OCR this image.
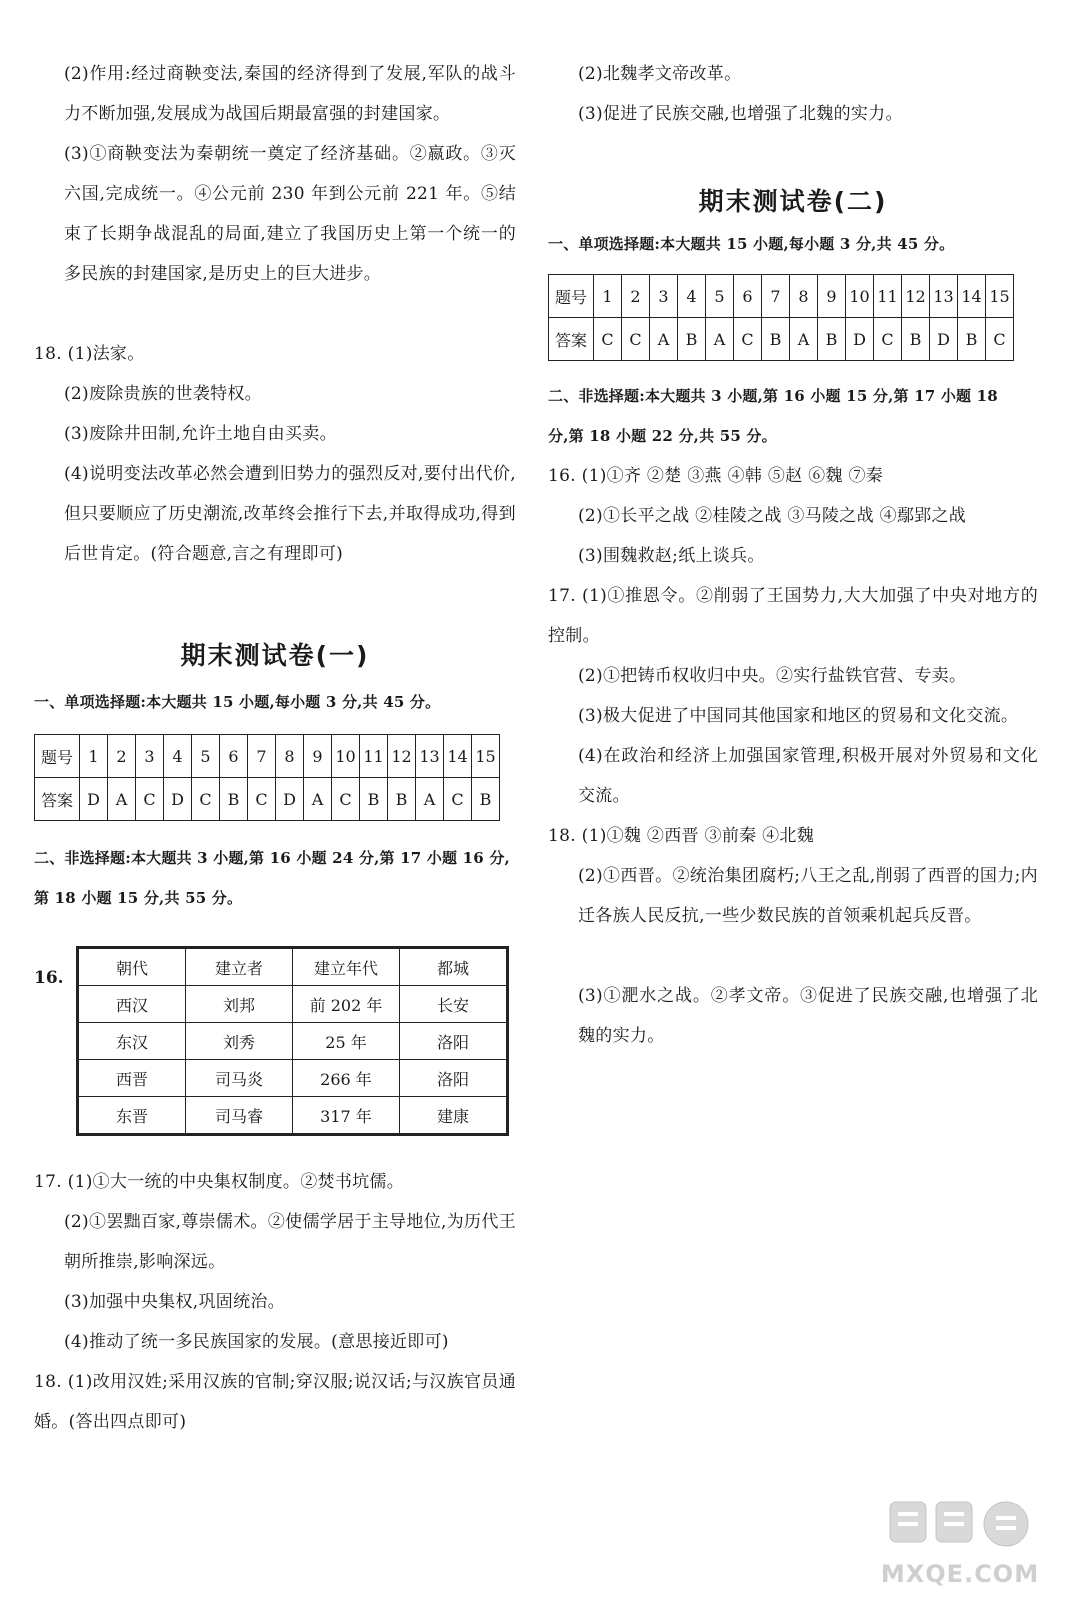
(2)作用:经过商鞅变法,秦国的经济得到了发展,军队的战斗力不断加强,发展成为战国后期最富强的封建国家。
(3)①商鞅变法为秦朝统一奠定了经济基础。②嬴政。③灭六国,完成统一。④公元前 230 年到公元前 221 年。⑤结束了长期争战混乱的局面,建立了我国历史上第一个统一的多民族的封建国家,是历史上的巨大进步。
18. (1)法家。
(2)废除贵族的世袭特权。
(3)废除井田制,允许土地自由买卖。
(4)说明变法改革必然会遭到旧势力的强烈反对,要付出代价,但只要顺应了历史潮流,改革终会推行下去,并取得成功,得到后世肯定。(符合题意,言之有理即可)
期末测试卷(一)
一、单项选择题:本大题共 15 小题,每小题 3 分,共 45 分。
题号	1	2	3	4	5	6	7	8	9	10	11	12	13	14	15
答案	D	A	C	D	C	B	C	D	A	C	B	B	A	C	B
二、非选择题:本大题共 3 小题,第 16 小题 24 分,第 17 小题 16 分,第 18 小题 15 分,共 55 分。
16.	朝代	建立者	建立年代	都城
西汉	刘邦	前 202 年	长安
东汉	刘秀	25 年	洛阳
西晋	司马炎	266 年	洛阳
东晋	司马睿	317 年	建康
17. (1)①大一统的中央集权制度。②焚书坑儒。
(2)①罢黜百家,尊崇儒术。②使儒学居于主导地位,为历代王朝所推崇,影响深远。
(3)加强中央集权,巩固统治。
(4)推动了统一多民族国家的发展。(意思接近即可)
18. (1)改用汉姓;采用汉族的官制;穿汉服;说汉话;与汉族官员通婚。(答出四点即可)
(2)北魏孝文帝改革。
(3)促进了民族交融,也增强了北魏的实力。
期末测试卷(二)
一、单项选择题:本大题共 15 小题,每小题 3 分,共 45 分。
题号	1	2	3	4	5	6	7	8	9	10	11	12	13	14	15
答案	C	C	A	B	A	C	B	A	B	D	C	B	D	B	C
二、非选择题:本大题共 3 小题,第 16 小题 15 分,第 17 小题 18 分,第 18 小题 22 分,共 55 分。
16. (1)①齐 ②楚 ③燕 ④韩 ⑤赵 ⑥魏 ⑦秦
(2)①长平之战 ②桂陵之战 ③马陵之战 ④鄢郢之战
(3)围魏救赵;纸上谈兵。
17. (1)①推恩令。②削弱了王国势力,大大加强了中央对地方的控制。
(2)①把铸币权收归中央。②实行盐铁官营、专卖。
(3)极大促进了中国同其他国家和地区的贸易和文化交流。
(4)在政治和经济上加强国家管理,积极开展对外贸易和文化交流。
18. (1)①魏 ②西晋 ③前秦 ④北魏
(2)①西晋。②统治集团腐朽;八王之乱,削弱了西晋的国力;内迁各族人民反抗,一些少数民族的首领乘机起兵反晋。
(3)①淝水之战。②孝文帝。③促进了民族交融,也增强了北魏的实力。
MXQE.COM
